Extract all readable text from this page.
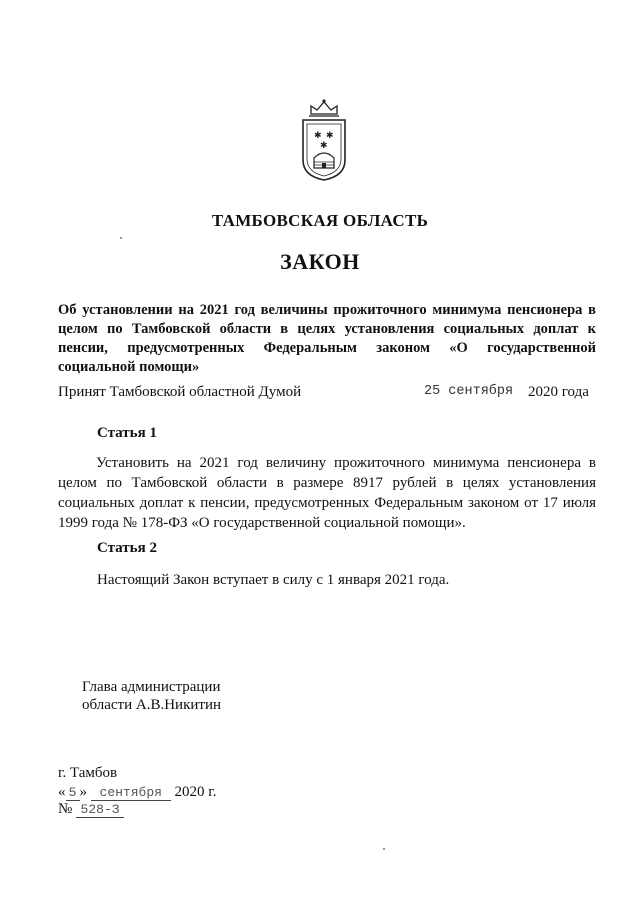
✱ ✱
✱
ТАМБОВСКАЯ ОБЛАСТЬ
ЗАКОН
Об установлении на 2021 год величины прожиточного минимума пенсионера в целом по Тамбовской области в целях установления социальных доплат к пенсии, предусмотренных Федеральным законом «О государственной социальной помощи»
Принят Тамбовской областной Думой	25 сентября 2020 года
Статья 1
Установить на 2021 год величину прожиточного минимума пенсионера в целом по Тамбовской области в размере 8917 рублей в целях установления социальных доплат к пенсии, предусмотренных Федеральным законом от 17 июля 1999 года № 178-ФЗ «О государственной социальной помощи».
Статья 2
Настоящий Закон вступает в силу с 1 января 2021 года.
Глава администрации
области А.В.Никитин
г. Тамбов
« 5 » сентября 2020 г.
№ 528-З
